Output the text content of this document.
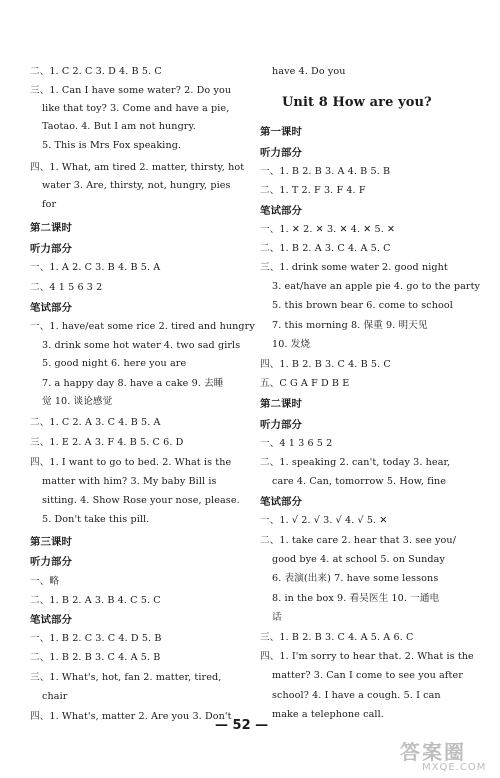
二、1. C 2. C 3. D 4. B 5. C
三、1. Can I have some water? 2. Do you
like that toy? 3. Come and have a pie,
Taotao. 4. But I am not hungry.
5. This is Mrs Fox speaking.
四、1. What, am tired 2. matter, thirsty, hot
water 3. Are, thirsty, not, hungry, pies
for
第二课时
听力部分
一、1. A 2. C 3. B 4. B 5. A
二、4 1 5 6 3 2
笔试部分
一、1. have/eat some rice 2. tired and hungry
3. drink some hot water 4. two sad girls
5. good night 6. here you are
7. a happy day 8. have a cake 9. 去睡
觉 10. 谈论感觉
二、1. C 2. A 3. C 4. B 5. A
三、1. E 2. A 3. F 4. B 5. C 6. D
四、1. I want to go to bed. 2. What is the
matter with him? 3. My baby Bill is
sitting. 4. Show Rose your nose, please.
5. Don't take this pill.
第三课时
听力部分
一、略
二、1. B 2. A 3. B 4. C 5. C
笔试部分
一、1. B 2. C 3. C 4. D 5. B
二、1. B 2. B 3. C 4. A 5. B
三、1. What's, hot, fan 2. matter, tired,
chair
四、1. What's, matter 2. Are you 3. Don't
have 4. Do you
Unit 8 How are you?
第一课时
听力部分
一、1. B 2. B 3. A 4. B 5. B
二、1. T 2. F 3. F 4. F
笔试部分
一、1. ✕ 2. ✕ 3. ✕ 4. ✕ 5. ✕
二、1. B 2. A 3. C 4. A 5. C
三、1. drink some water 2. good night
3. eat/have an apple pie 4. go to the party
5. this brown bear 6. come to school
7. this morning 8. 保重 9. 明天见
10. 发烧
四、1. B 2. B 3. C 4. B 5. C
五、C G A F D B E
第二课时
听力部分
一、4 1 3 6 5 2
二、1. speaking 2. can't, today 3. hear,
care 4. Can, tomorrow 5. How, fine
笔试部分
一、1. √ 2. √ 3. √ 4. √ 5. ✕
二、1. take care 2. hear that 3. see you/
good bye 4. at school 5. on Sunday
6. 表演(出来) 7. have some lessons
8. in the box 9. 看吴医生 10. 一通电
话
三、1. B 2. B 3. C 4. A 5. A 6. C
四、1. I'm sorry to hear that. 2. What is the
matter? 3. Can I come to see you after
school? 4. I have a cough. 5. I can
make a telephone call.
— 52 —
答案圈
MXQE.COM
